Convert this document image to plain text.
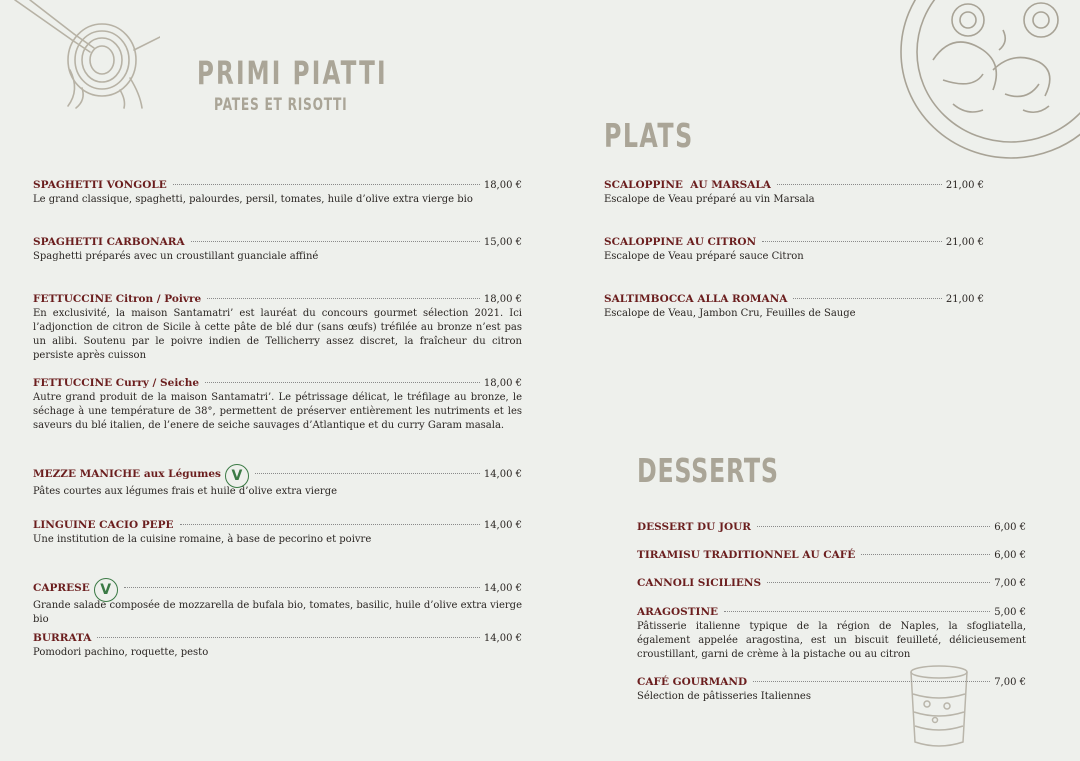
PRIMI PIATTI
PATES ET RISOTTI
PLATS
DESSERTS
SPAGHETTI VONGOLE	18,00 €
Le grand classique, spaghetti, palourdes, persil, tomates, huile d’olive extra vierge bio
SPAGHETTI CARBONARA	15,00 €
Spaghetti préparés avec un croustillant guanciale affiné
FETTUCCINE Citron / Poivre	18,00 €
En exclusivité, la maison Santamatri’ est lauréat du concours gourmet sélection 2021. Ici l’adjonction de citron de Sicile à cette pâte de blé dur (sans œufs) tréfilée au bronze n’est pas un alibi. Soutenu par le poivre indien de Tellicherry assez discret, la fraîcheur du citron persiste après cuisson
FETTUCCINE Curry / Seiche	18,00 €
Autre grand produit de la maison Santamatri’. Le pétrissage délicat, le tréfilage au bronze, le séchage à une température de 38°, permettent de préserver entièrement les nutriments et les saveurs du blé italien, de l’enere de seiche sauvages d’Atlantique et du curry Garam masala.
MEZZE MANICHE aux Légumes V	14,00 €
Pâtes courtes aux légumes frais et huile d’olive extra vierge
LINGUINE CACIO PEPE	14,00 €
Une institution de la cuisine romaine, à base de pecorino et poivre
CAPRESE V	14,00 €
Grande salade composée de mozzarella de bufala bio, tomates, basilic, huile d’olive extra vierge bio
BURRATA	14,00 €
Pomodori pachino, roquette, pesto
SCALOPPINE  AU MARSALA	21,00 €
Escalope de Veau préparé au vin Marsala
SCALOPPINE AU CITRON	21,00 €
Escalope de Veau préparé sauce Citron
SALTIMBOCCA ALLA ROMANA	21,00 €
Escalope de Veau, Jambon Cru, Feuilles de Sauge
DESSERT DU JOUR	6,00 €
TIRAMISU TRADITIONNEL AU CAFÉ	6,00 €
CANNOLI SICILIENS	7,00 €
ARAGOSTINE	5,00 €
Pâtisserie italienne typique de la région de Naples, la sfogliatella, également appelée aragostina, est un biscuit feuilleté, délicieusement croustillant, garni de crème à la pistache ou au citron
CAFÉ GOURMAND	7,00 €
Sélection de pâtisseries Italiennes
